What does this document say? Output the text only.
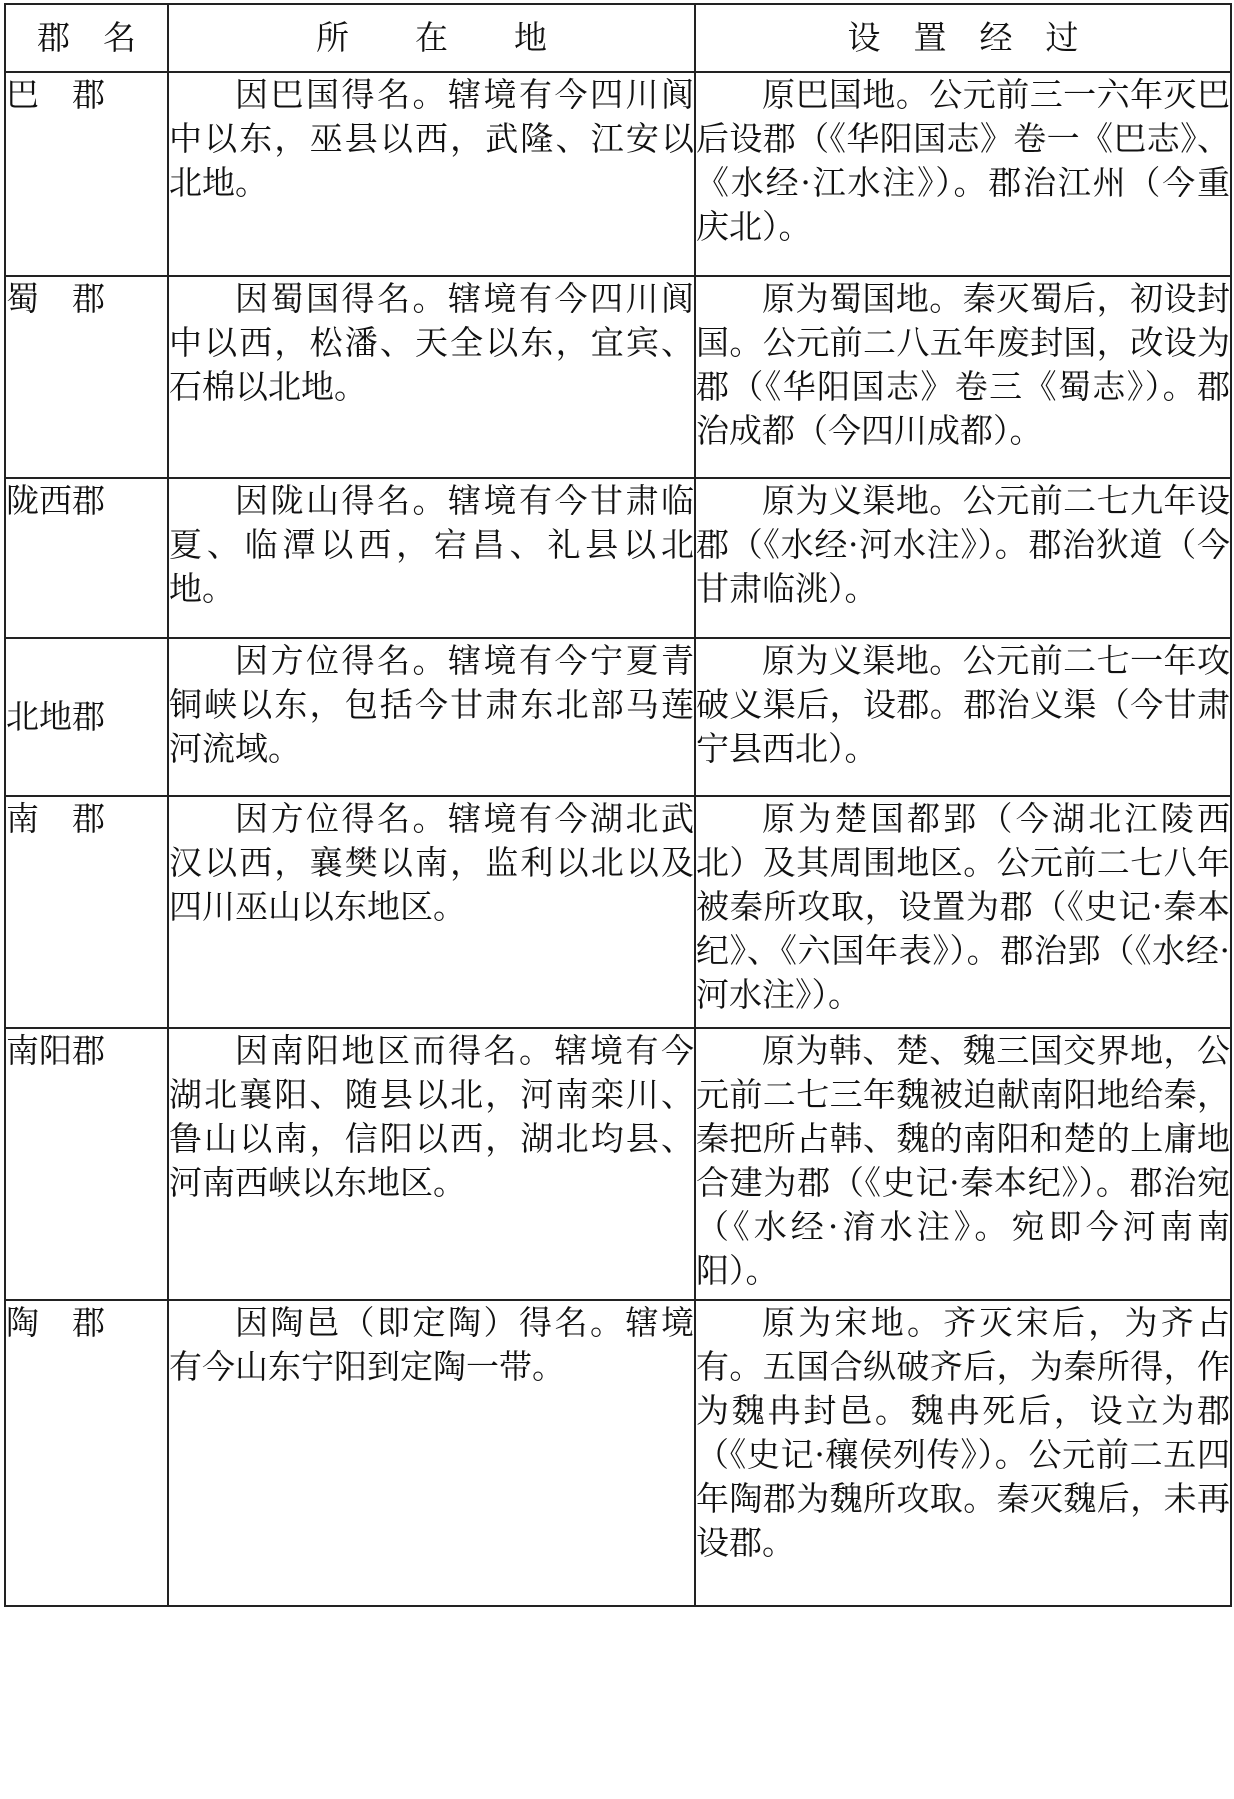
郡　名	所　　在　　地	设　置　经　过
巴　郡	因巴国得名。辖境有今四川阆中以东，巫县以西，武隆、江安以北地。	原巴国地。公元前三一六年灭巴后设郡（《华阳国志》卷一《巴志》、《水经·江水注》）。郡治江州（今重庆北）。
蜀　郡	因蜀国得名。辖境有今四川阆中以西，松潘、天全以东，宜宾、石棉以北地。	原为蜀国地。秦灭蜀后，初设封国。公元前二八五年废封国，改设为郡（《华阳国志》卷三《蜀志》）。郡治成都（今四川成都）。
陇西郡	因陇山得名。辖境有今甘肃临夏、临潭以西，宕昌、礼县以北地。	原为义渠地。公元前二七九年设郡（《水经·河水注》）。郡治狄道（今甘肃临洮）。
北地郡	因方位得名。辖境有今宁夏青铜峡以东，包括今甘肃东北部马莲河流域。	原为义渠地。公元前二七一年攻破义渠后，设郡。郡治义渠（今甘肃宁县西北）。
南　郡	因方位得名。辖境有今湖北武汉以西，襄樊以南，监利以北以及四川巫山以东地区。	原为楚国都郢（今湖北江陵西北）及其周围地区。公元前二七八年被秦所攻取，设置为郡（《史记·秦本纪》、《六国年表》）。郡治郢（《水经·河水注》）。
南阳郡	因南阳地区而得名。辖境有今湖北襄阳、随县以北，河南栾川、鲁山以南，信阳以西，湖北均县、河南西峡以东地区。	原为韩、楚、魏三国交界地，公元前二七三年魏被迫献南阳地给秦，秦把所占韩、魏的南阳和楚的上庸地合建为郡（《史记·秦本纪》）。郡治宛（《水经·淯水注》。宛即今河南南阳）。
陶　郡	因陶邑（即定陶）得名。辖境有今山东宁阳到定陶一带。	原为宋地。齐灭宋后，为齐占有。五国合纵破齐后，为秦所得，作为魏冉封邑。魏冉死后，设立为郡（《史记·穰侯列传》）。公元前二五四年陶郡为魏所攻取。秦灭魏后，未再设郡。
